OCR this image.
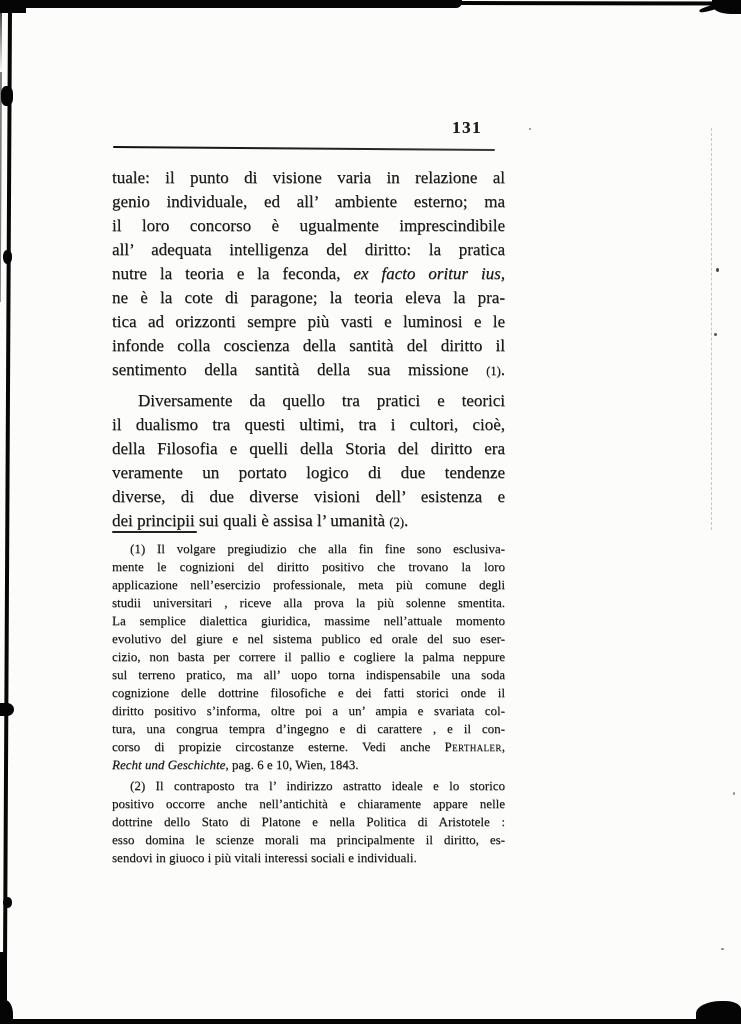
131
tuale: il punto di visione varia in relazione al
genio individuale, ed all’ ambiente esterno; ma
il loro concorso è ugualmente imprescindibile
all’ adequata intelligenza del diritto: la pratica
nutre la teoria e la feconda, ex facto oritur ius,
ne è la cote di paragone; la teoria eleva la pra-
tica ad orizzonti sempre più vasti e luminosi e le
infonde colla coscienza della santità del diritto il
sentimento della santità della sua missione (1).
Diversamente da quello tra pratici e teorici
il dualismo tra questi ultimi, tra i cultori, cioè,
della Filosofia e quelli della Storia del diritto era
veramente un portato logico di due tendenze
diverse, di due diverse visioni dell’ esistenza e
dei principii sui quali è assisa l’ umanità (2).
(1) Il volgare pregiudizio che alla fin fine sono esclusiva-
mente le cognizioni del diritto positivo che trovano la loro
applicazione nell’esercizio professionale, meta più comune degli
studii universitari , riceve alla prova la più solenne smentita.
La semplice dialettica giuridica, massime nell’attuale momento
evolutivo del giure e nel sistema publico ed orale del suo eser-
cizio, non basta per correre il pallio e cogliere la palma neppure
sul terreno pratico, ma all’ uopo torna indispensabile una soda
cognizione delle dottrine filosofiche e dei fatti storici onde il
diritto positivo s’informa, oltre poi a un’ ampia e svariata col-
tura, una congrua tempra d’ingegno e di carattere , e il con-
corso di propizie circostanze esterne. Vedi anche Perthaler,
Recht und Geschichte, pag. 6 e 10, Wien, 1843.
(2) Il contraposto tra l’ indirizzo astratto ideale e lo storico
positivo occorre anche nell’antichità e chiaramente appare nelle
dottrine dello Stato di Platone e nella Politica di Aristotele :
esso domina le scienze morali ma principalmente il diritto, es-
sendovi in giuoco i più vitali interessi sociali e individuali.
